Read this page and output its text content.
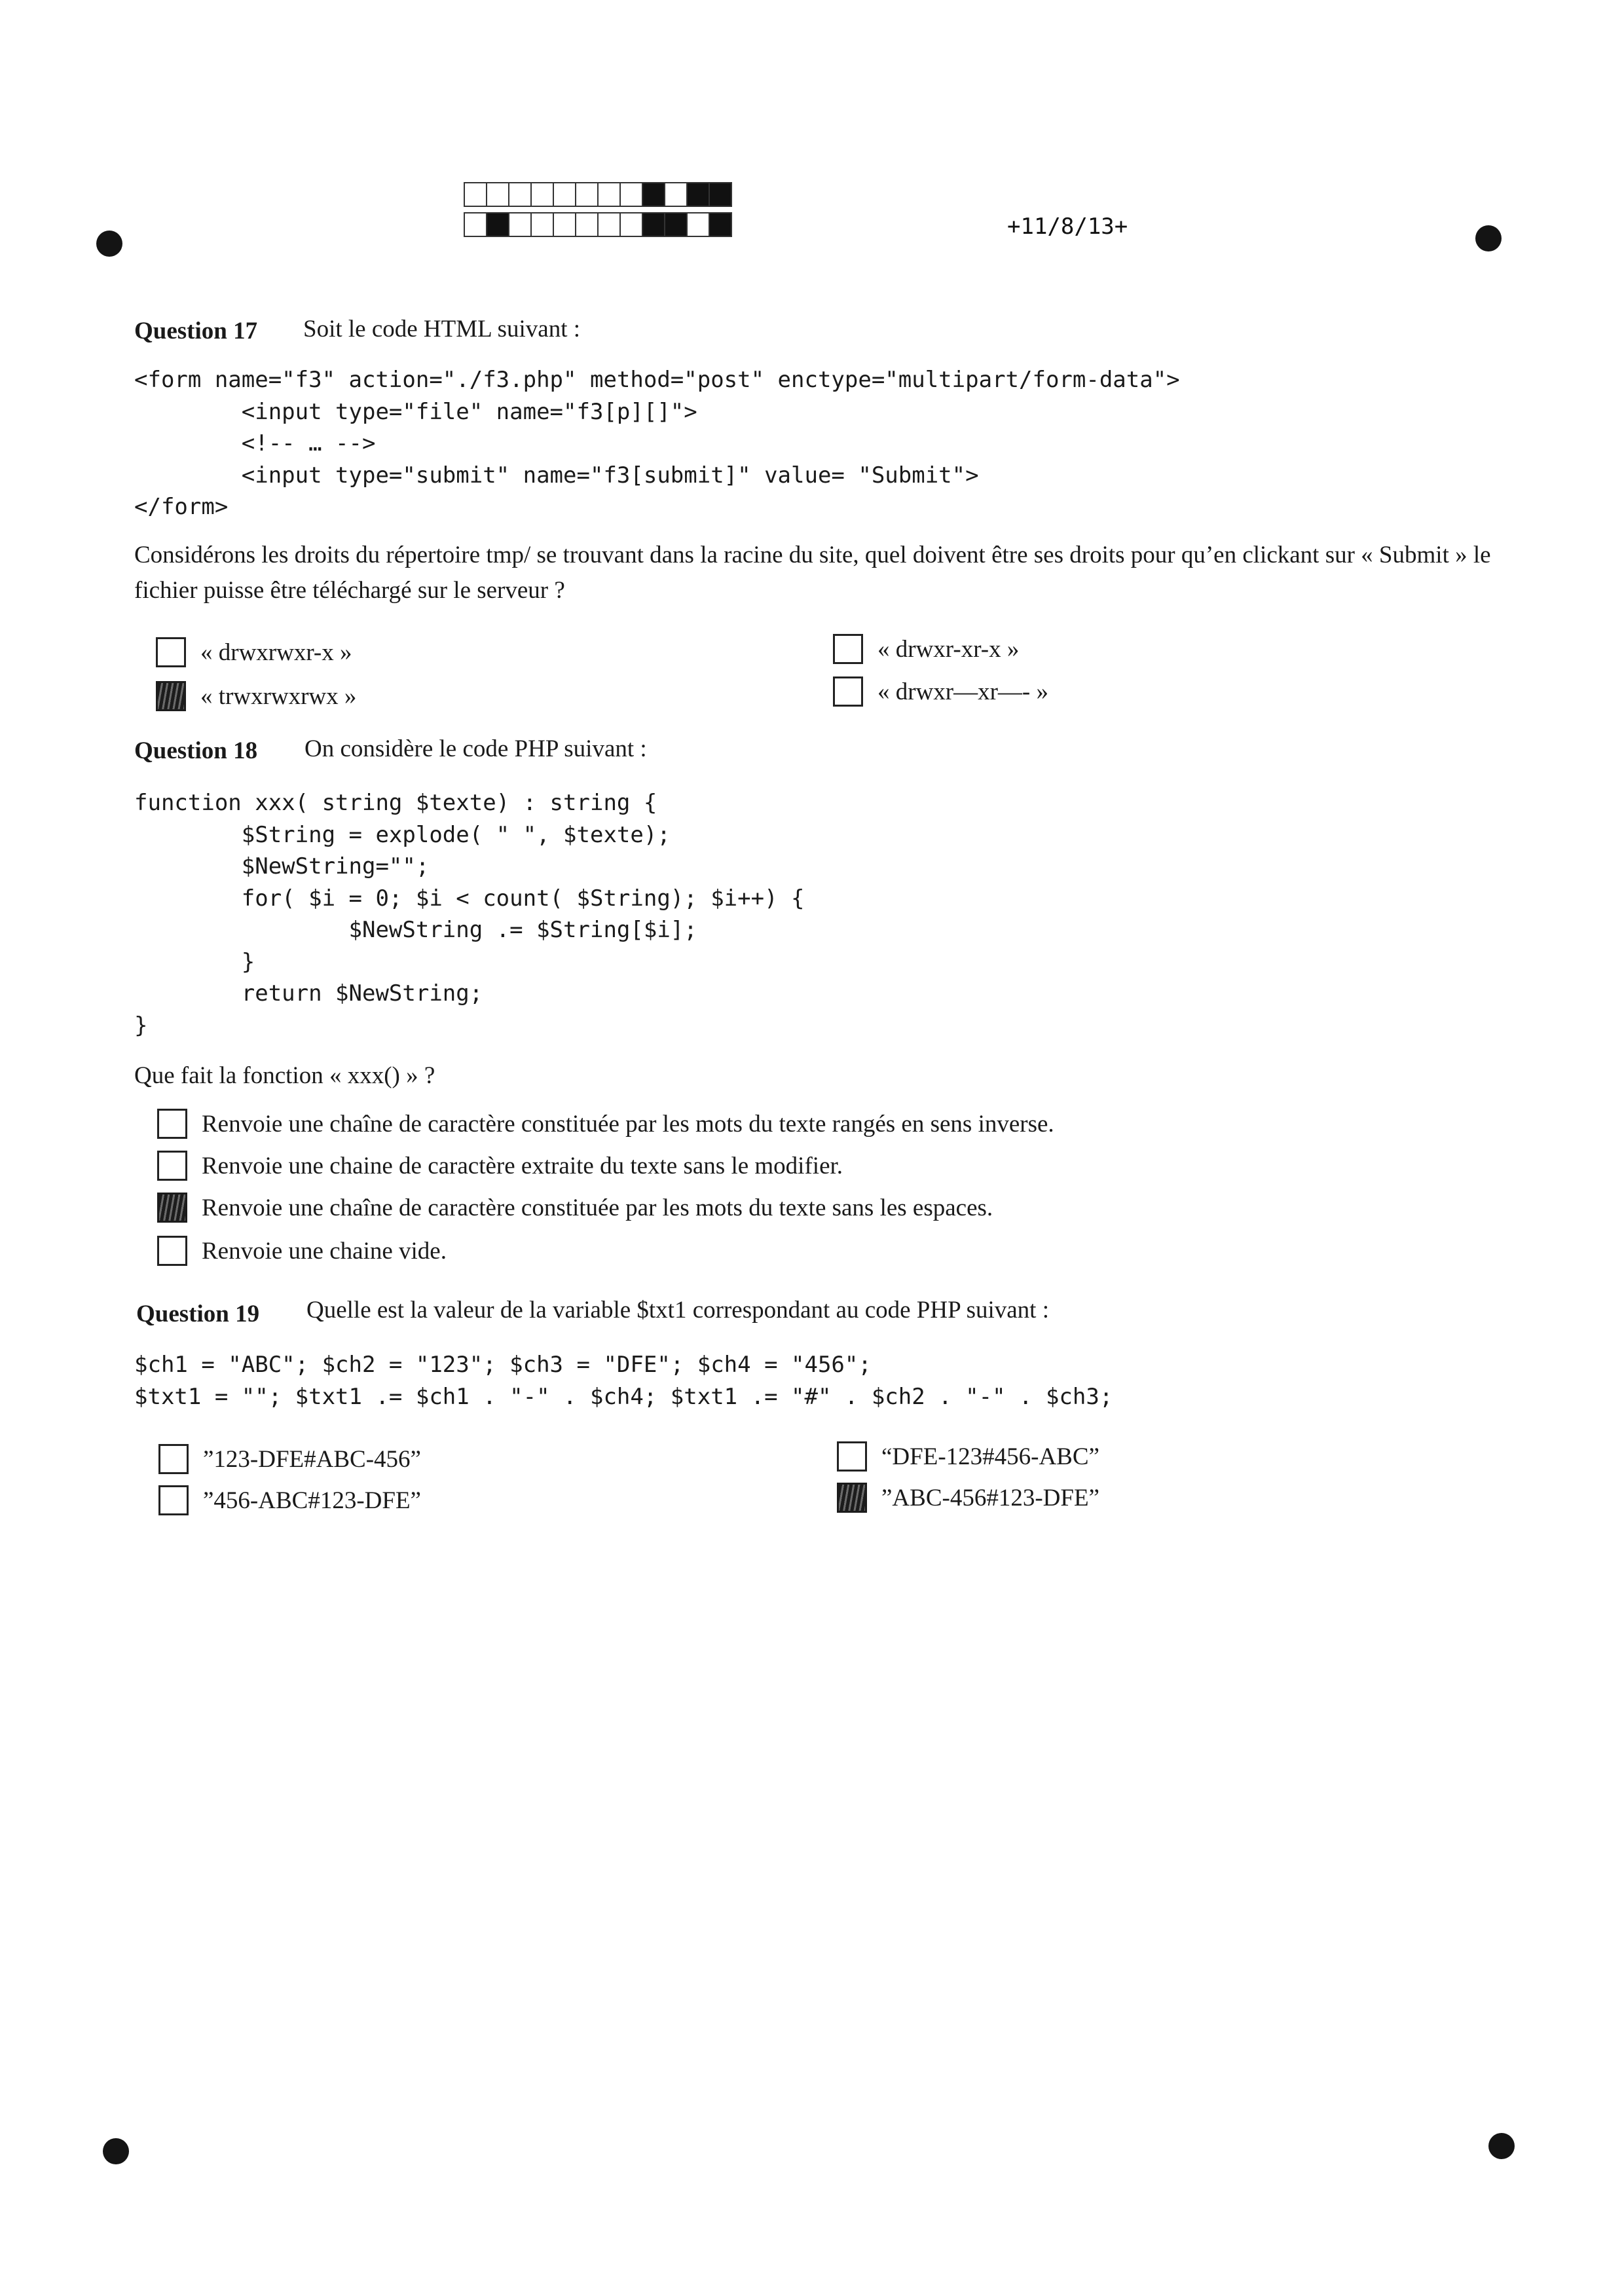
+11/8/13+
Question 17 Soit le code HTML suivant :
<form name="f3" action="./f3.php" method="post" enctype="multipart/form-data">
<input type="file" name="f3[p][]">
<!-- … -->
<input type="submit" name="f3[submit]" value= "Submit">
</form>

Considérons les droits du répertoire tmp/ se trouvant dans la racine du site, quel doivent être ses droits pour qu’en clickant sur « Submit » le fichier puisse être téléchargé sur le serveur ?

« drwxrwxr-x »
« trwxrwxrwx »
« drwxr-xr-x »
« drwxr—xr—- »
Question 18 On considère le code PHP suivant :
function xxx( string $texte) : string {
$String = explode( " ", $texte);
$NewString="";
for( $i = 0; $i < count( $String); $i++) {
$NewString .= $String[$i];
}
return $NewString;
}

Que fait la fonction « xxx() » ?

Renvoie une chaîne de caractère constituée par les mots du texte rangés en sens inverse.
Renvoie une chaine de caractère extraite du texte sans le modifier.
Renvoie une chaîne de caractère constituée par les mots du texte sans les espaces.
Renvoie une chaine vide.
Question 19 Quelle est la valeur de la variable $txt1 correspondant au code PHP suivant :
$ch1 = "ABC"; $ch2 = "123"; $ch3 = "DFE"; $ch4 = "456";
$txt1 = ""; $txt1 .= $ch1 . "-" . $ch4; $txt1 .= "#" . $ch2 . "-" . $ch3;
”123-DFE#ABC-456”
”456-ABC#123-DFE”
“DFE-123#456-ABC”
”ABC-456#123-DFE”
